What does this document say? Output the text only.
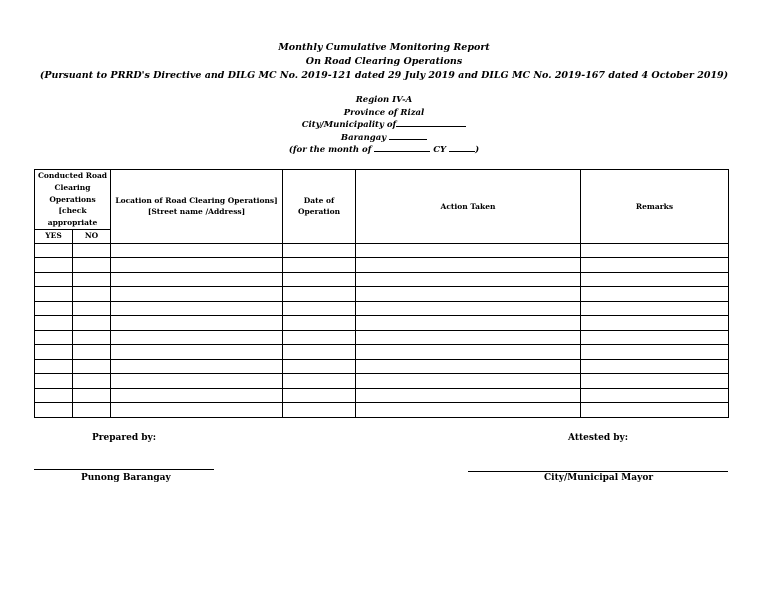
Monthly Cumulative Monitoring Report
On Road Clearing Operations
(Pursuant to PRRD's Directive and DILG MC No. 2019-121 dated 29 July 2019 and DILG MC No. 2019-167 dated 4 October 2019)
Region IV-A
Province of Rizal
City/Municipality of
Barangay
(for the month of	CY	)
Conducted Road Clearing Operations [check appropriate		Location of Road Clearing Operations] [Street name /Address]	Date of Operation	Action Taken	Remarks
YES	NO				

Prepared by:
Punong Barangay
Attested by:
City/Municipal Mayor
